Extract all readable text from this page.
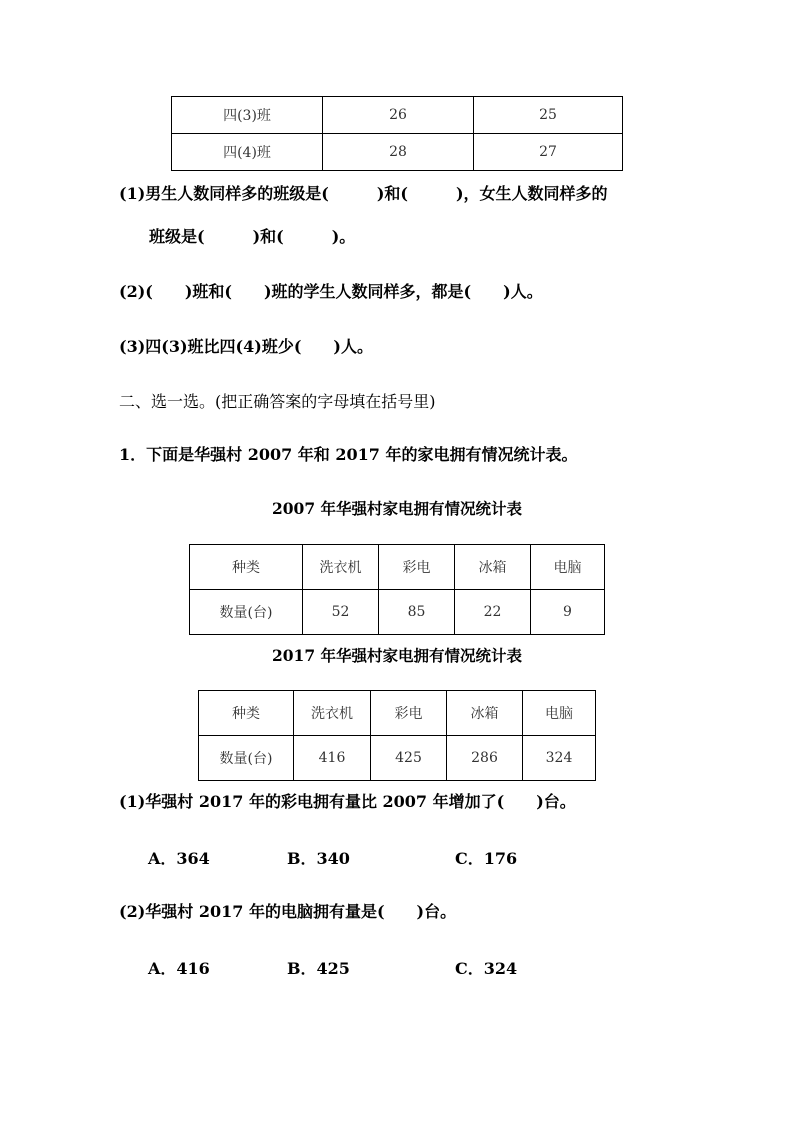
四(3)班	26	25
四(4)班	28	27
(1)男生人数同样多的班级是(　　　)和(　　　)，女生人数同样多的
班级是(　　　)和(　　　)。
(2)(　　)班和(　　)班的学生人数同样多，都是(　　)人。
(3)四(3)班比四(4)班少(　　)人。
二、选一选。(把正确答案的字母填在括号里)
1．下面是华强村 2007 年和 2017 年的家电拥有情况统计表。
2007 年华强村家电拥有情况统计表
种类	洗衣机	彩电	冰箱	电脑
数量(台)	52	85	22	9
2017 年华强村家电拥有情况统计表
种类	洗衣机	彩电	冰箱	电脑
数量(台)	416	425	286	324
(1)华强村 2017 年的彩电拥有量比 2007 年增加了(　　)台。
A．364	B．340	C．176
(2)华强村 2017 年的电脑拥有量是(　　)台。
A．416	B．425	C．324
